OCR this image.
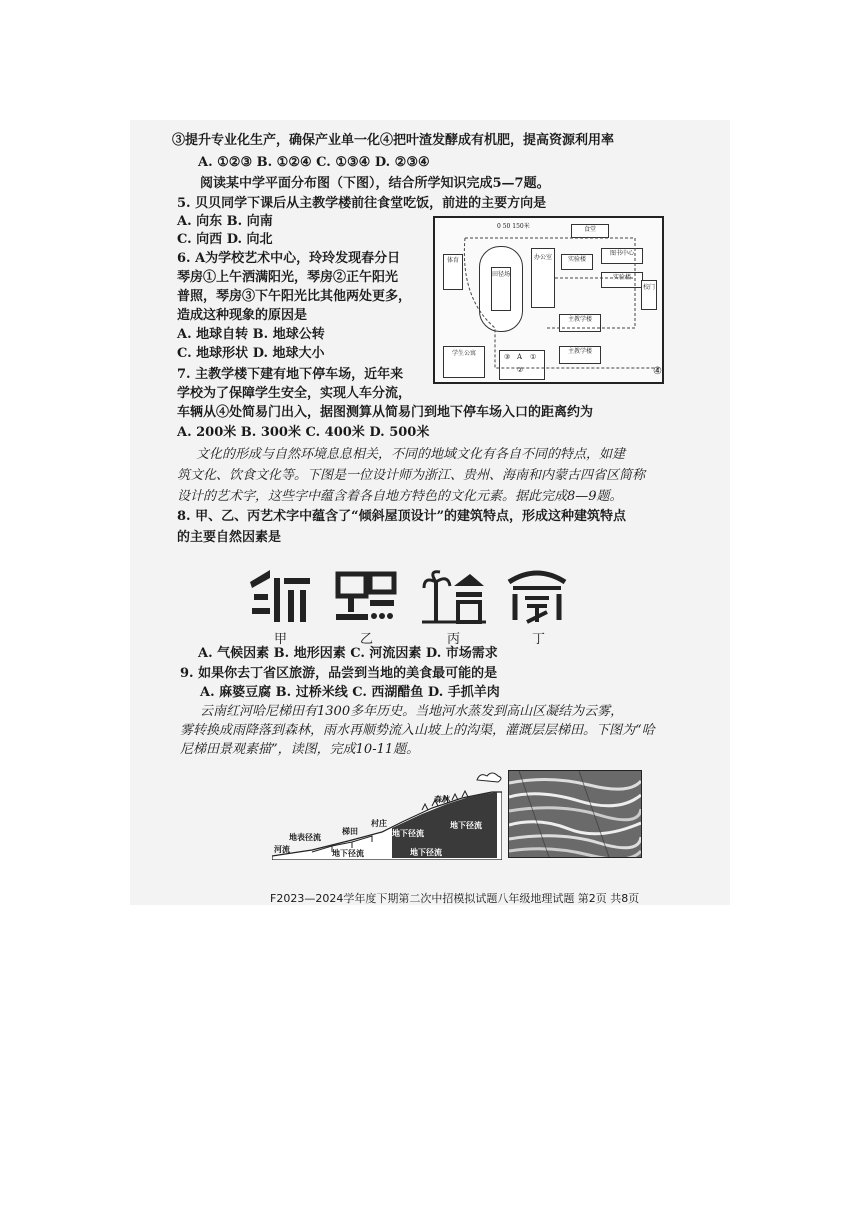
③提升专业化生产，确保产业单一化④把叶渣发酵成有机肥，提高资源利用率
A. ①②③ B. ①②④ C. ①③④ D. ②③④
阅读某中学平面分布图（下图），结合所学知识完成5—7题。
5. 贝贝同学下课后从主教学楼前往食堂吃饭，前进的主要方向是
A. 向东 B. 向南
C. 向西 D. 向北
6. A为学校艺术中心，玲玲发现春分日
琴房①上午洒满阳光，琴房②正午阳光
普照，琴房③下午阳光比其他两处更多，
造成这种现象的原因是
A. 地球自转 B. 地球公转
C. 地球形状 D. 地球大小
7. 主教学楼下建有地下停车场，近年来
学校为了保障学生安全，实现人车分流，
车辆从④处简易门出入，据图测算从简易门到地下停车场入口的距离约为
A. 200米 B. 300米 C. 400米 D. 500米
0 50 150米	食堂
体育
田径场
办公室	实验楼
图书中心
实验楼
主教学楼
主教学楼
学生公寓
校门
③ A ①
②	④
文化的形成与自然环境息息相关，不同的地域文化有各自不同的特点，如建
筑文化、饮食文化等。下图是一位设计师为浙江、贵州、海南和内蒙古四省区简称
设计的艺术字，这些字中蕴含着各自地方特色的文化元素。据此完成8—9题。
8. 甲、乙、丙艺术字中蕴含了“倾斜屋顶设计”的建筑特点，形成这种建筑特点
的主要自然因素是
甲	乙	丙	丁
A. 气候因素 B. 地形因素 C. 河流因素 D. 市场需求
9. 如果你去丁省区旅游，品尝到当地的美食最可能的是
A. 麻婆豆腐 B. 过桥米线 C. 西湖醋鱼 D. 手抓羊肉
云南红河哈尼梯田有1300多年历史。当地河水蒸发到高山区凝结为云雾，
雾转换成雨降落到森林，雨水再顺势流入山坡上的沟渠，灌溉层层梯田。下图为“哈
尼梯田景观素描”，读图，完成10-11题。
森林
村庄
梯田
地表径流
河流	地下径流
地下径流
地下径流
地下径流
F2023—2024学年度下期第二次中招模拟试题八年级地理试题 第2页 共8页
